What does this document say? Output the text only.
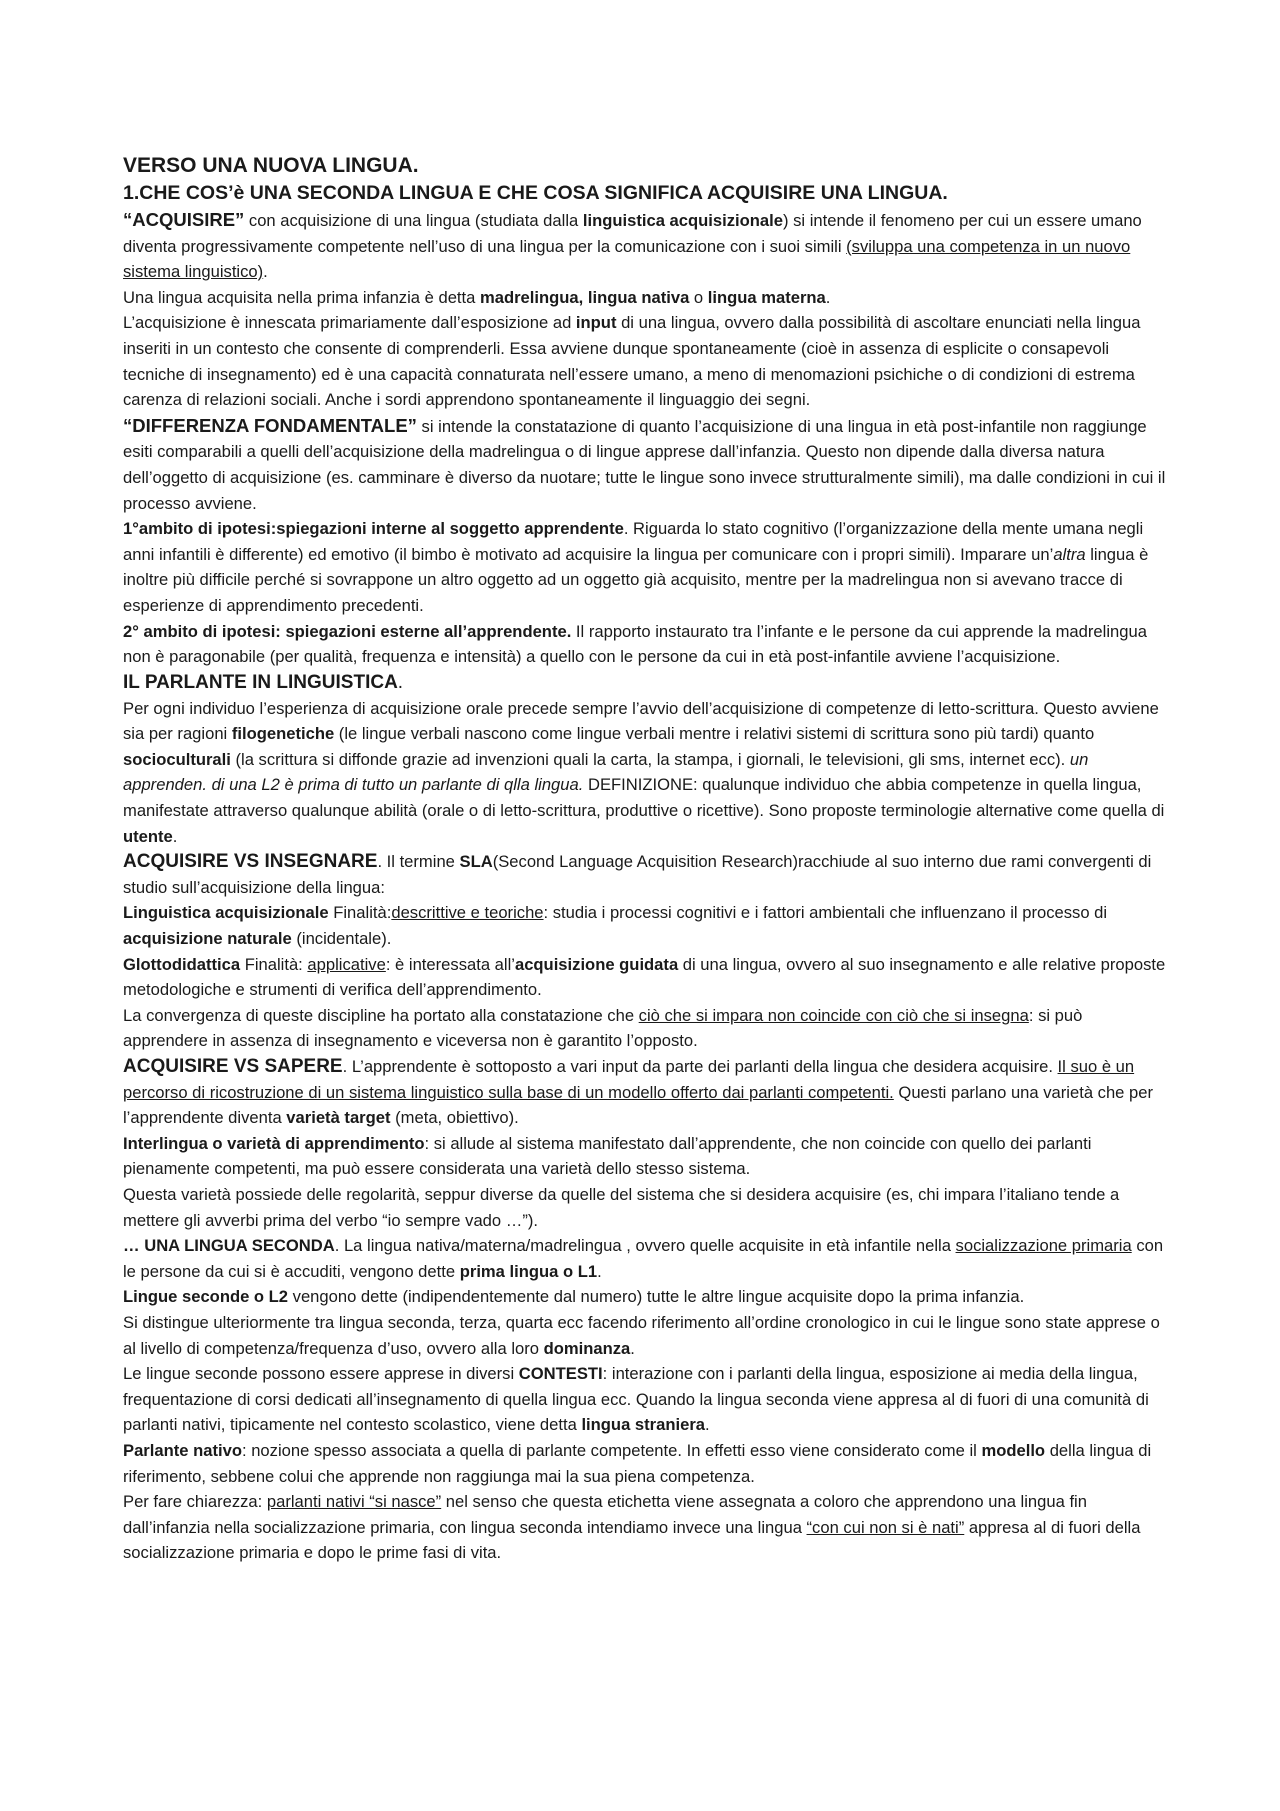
VERSO UNA NUOVA LINGUA.

1.CHE COS’è UNA SECONDA LINGUA E CHE COSA SIGNIFICA ACQUISIRE UNA LINGUA.

“ACQUISIRE” con acquisizione di una lingua (studiata dalla linguistica acquisizionale) si intende il fenomeno per cui un essere umano diventa progressivamente competente nell’uso di una lingua per la comunicazione con i suoi simili (sviluppa una competenza in un nuovo sistema linguistico).

Una lingua acquisita nella prima infanzia è detta madrelingua, lingua nativa o lingua materna.

L’acquisizione è innescata primariamente dall’esposizione ad input di una lingua, ovvero dalla possibilità di ascoltare enunciati nella lingua inseriti in un contesto che consente di comprenderli. Essa avviene dunque spontaneamente (cioè in assenza di esplicite o consapevoli tecniche di insegnamento) ed è una capacità connaturata nell’essere umano, a meno di menomazioni psichiche o di condizioni di estrema carenza di relazioni sociali. Anche i sordi apprendono spontaneamente il linguaggio dei segni.

“DIFFERENZA FONDAMENTALE” si intende la constatazione di quanto l’acquisizione di una lingua in età post-infantile non raggiunge esiti comparabili a quelli dell’acquisizione della madrelingua o di lingue apprese dall’infanzia. Questo non dipende dalla diversa natura dell’oggetto di acquisizione (es. camminare è diverso da nuotare; tutte le lingue sono invece strutturalmente simili), ma dalle condizioni in cui il processo avviene.

1°ambito di ipotesi:spiegazioni interne al soggetto apprendente. Riguarda lo stato cognitivo (l’organizzazione della mente umana negli anni infantili è differente) ed emotivo (il bimbo è motivato ad acquisire la lingua per comunicare con i propri simili). Imparare un’altra lingua è inoltre più difficile perché si sovrappone un altro oggetto ad un oggetto già acquisito, mentre per la madrelingua non si avevano tracce di esperienze di apprendimento precedenti.

2° ambito di ipotesi: spiegazioni esterne all’apprendente. Il rapporto instaurato tra l’infante e le persone da cui apprende la madrelingua non è paragonabile (per qualità, frequenza e intensità) a quello con le persone da cui in età post-infantile avviene l’acquisizione.

IL PARLANTE IN LINGUISTICA.

Per ogni individuo l’esperienza di acquisizione orale precede sempre l’avvio dell’acquisizione di competenze di letto-scrittura. Questo avviene sia per ragioni filogenetiche (le lingue verbali nascono come lingue verbali mentre i relativi sistemi di scrittura sono più tardi) quanto socioculturali (la scrittura si diffonde grazie ad invenzioni quali la carta, la stampa, i giornali, le televisioni, gli sms, internet ecc). un apprenden. di una L2 è prima di tutto un parlante di qlla lingua. DEFINIZIONE: qualunque individuo che abbia competenze in quella lingua, manifestate attraverso qualunque abilità (orale o di letto-scrittura, produttive o ricettive). Sono proposte terminologie alternative come quella di utente.

ACQUISIRE VS INSEGNARE. Il termine SLA(Second Language Acquisition Research)racchiude al suo interno due rami convergenti di studio sull’acquisizione della lingua:

Linguistica acquisizionale Finalità:descrittive e teoriche: studia i processi cognitivi e i fattori ambientali che influenzano il processo di acquisizione naturale (incidentale).

Glottodidattica Finalità: applicative: è interessata all’acquisizione guidata di una lingua, ovvero al suo insegnamento e alle relative proposte metodologiche e strumenti di verifica dell’apprendimento.

La convergenza di queste discipline ha portato alla constatazione che ciò che si impara non coincide con ciò che si insegna: si può apprendere in assenza di insegnamento e viceversa non è garantito l’opposto.

ACQUISIRE VS SAPERE. L’apprendente è sottoposto a vari input da parte dei parlanti della lingua che desidera acquisire. Il suo è un percorso di ricostruzione di un sistema linguistico sulla base di un modello offerto dai parlanti competenti. Questi parlano una varietà che per l’apprendente diventa varietà target (meta, obiettivo).

Interlingua o varietà di apprendimento: si allude al sistema manifestato dall’apprendente, che non coincide con quello dei parlanti pienamente competenti, ma può essere considerata una varietà dello stesso sistema.

Questa varietà possiede delle regolarità, seppur diverse da quelle del sistema che si desidera acquisire (es, chi impara l’italiano tende a mettere gli avverbi prima del verbo “io sempre vado …”).

… UNA LINGUA SECONDA. La lingua nativa/materna/madrelingua , ovvero quelle acquisite in età infantile nella socializzazione primaria con le persone da cui si è accuditi, vengono dette prima lingua o L1.

Lingue seconde o L2 vengono dette (indipendentemente dal numero) tutte le altre lingue acquisite dopo la prima infanzia.

Si distingue ulteriormente tra lingua seconda, terza, quarta ecc facendo riferimento all’ordine cronologico in cui le lingue sono state apprese o al livello di competenza/frequenza d’uso, ovvero alla loro dominanza.

Le lingue seconde possono essere apprese in diversi CONTESTI: interazione con i parlanti della lingua, esposizione ai media della lingua, frequentazione di corsi dedicati all’insegnamento di quella lingua ecc. Quando la lingua seconda viene appresa al di fuori di una comunità di parlanti nativi, tipicamente nel contesto scolastico, viene detta lingua straniera.

Parlante nativo: nozione spesso associata a quella di parlante competente. In effetti esso viene considerato come il modello della lingua di riferimento, sebbene colui che apprende non raggiunga mai la sua piena competenza.

Per fare chiarezza: parlanti nativi “si nasce” nel senso che questa etichetta viene assegnata a coloro che apprendono una lingua fin dall’infanzia nella socializzazione primaria, con lingua seconda intendiamo invece una lingua “con cui non si è nati” appresa al di fuori della socializzazione primaria e dopo le prime fasi di vita.
